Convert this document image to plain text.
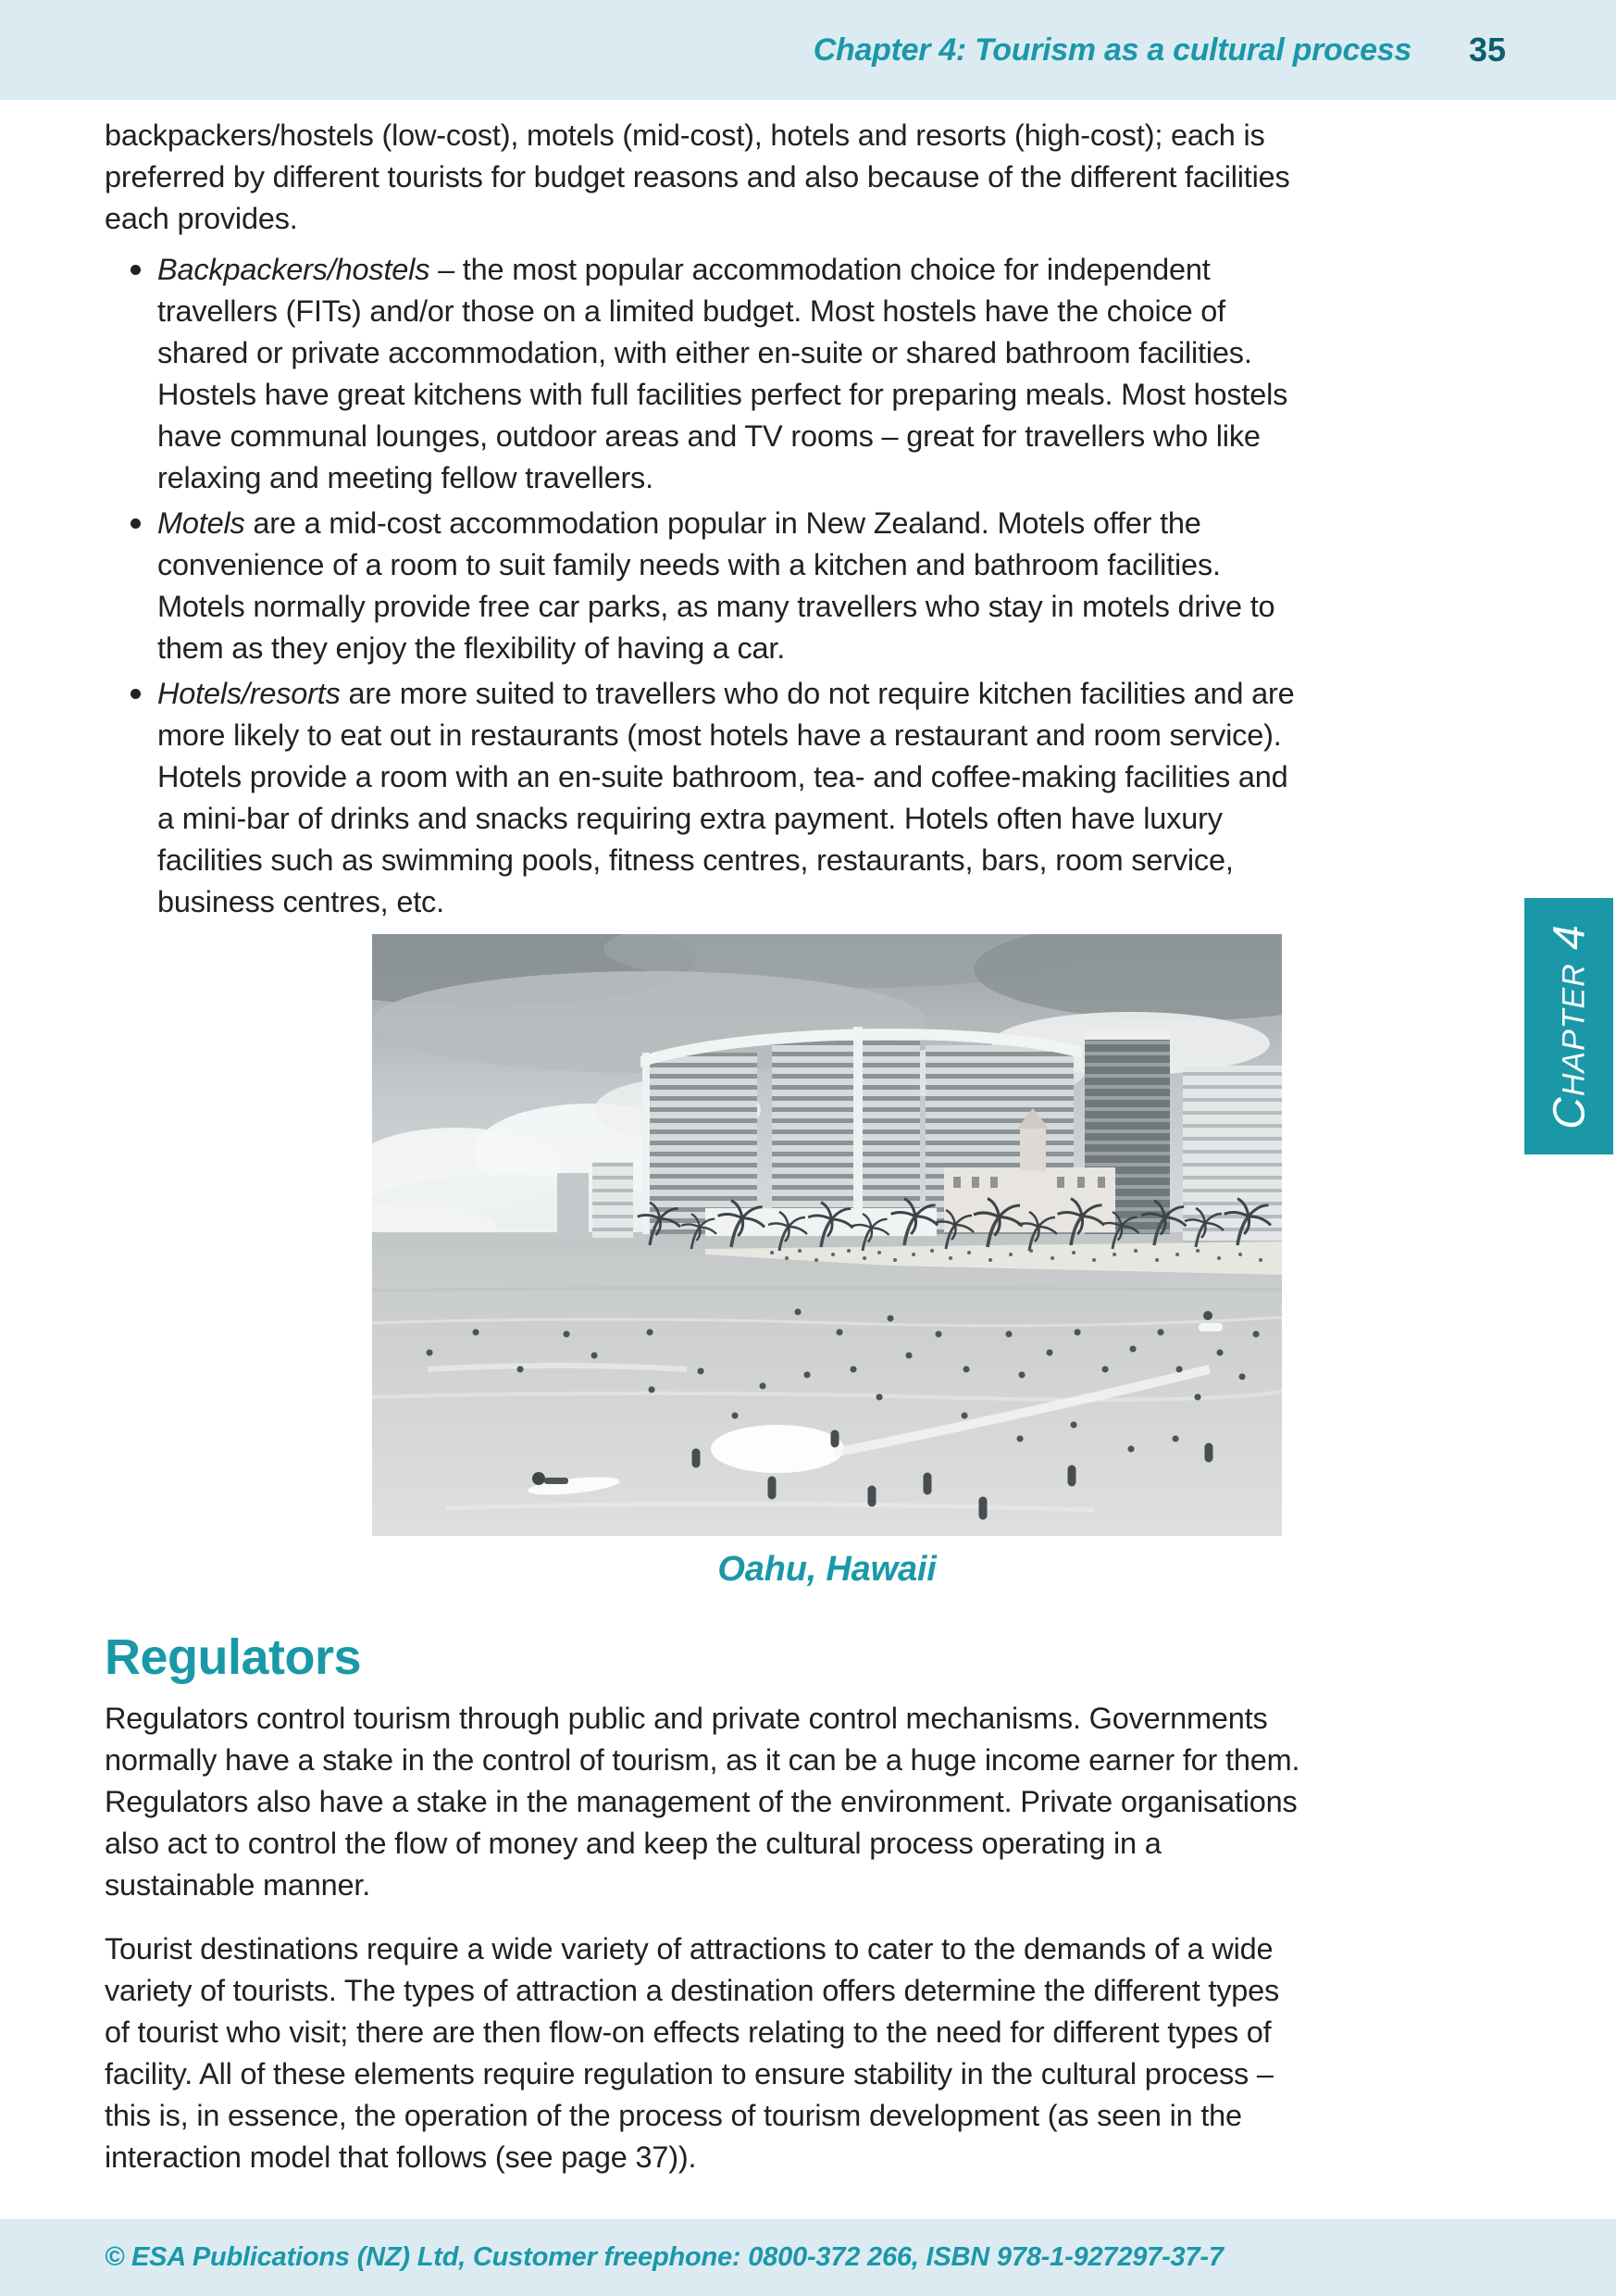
Chapter 4: Tourism as a cultural process 35

backpackers/hostels (low-cost), motels (mid-cost), hotels and resorts (high-cost); each is preferred by different tourists for budget reasons and also because of the different facilities each provides.

Backpackers/hostels – the most popular accommodation choice for independent travellers (FITs) and/or those on a limited budget. Most hostels have the choice of shared or private accommodation, with either en-suite or shared bathroom facilities. Hostels have great kitchens with full facilities perfect for preparing meals. Most hostels have communal lounges, outdoor areas and TV rooms – great for travellers who like relaxing and meeting fellow travellers.
Motels are a mid-cost accommodation popular in New Zealand. Motels offer the convenience of a room to suit family needs with a kitchen and bathroom facilities. Motels normally provide free car parks, as many travellers who stay in motels drive to them as they enjoy the flexibility of having a car.
Hotels/resorts are more suited to travellers who do not require kitchen facilities and are more likely to eat out in restaurants (most hotels have a restaurant and room service). Hotels provide a room with an en-suite bathroom, tea- and coffee-making facilities and a mini-bar of drinks and snacks requiring extra payment. Hotels often have luxury facilities such as swimming pools, fitness centres, restaurants, bars, room service, business centres, etc.
Oahu, Hawaii
Regulators

Regulators control tourism through public and private control mechanisms. Governments normally have a stake in the control of tourism, as it can be a huge income earner for them. Regulators also have a stake in the management of the environment. Private organisations also act to control the flow of money and keep the cultural process operating in a sustainable manner.

Tourist destinations require a wide variety of attractions to cater to the demands of a wide variety of tourists. The types of attraction a destination offers determine the different types of tourist who visit; there are then flow-on effects relating to the need for different types of facility. All of these elements require regulation to ensure stability in the cultural process – this is, in essence, the operation of the process of tourism development (as seen in the interaction model that follows (see page 37)).

Chapter 4
© ESA Publications (NZ) Ltd, Customer freephone: 0800-372 266, ISBN 978-1-927297-37-7
